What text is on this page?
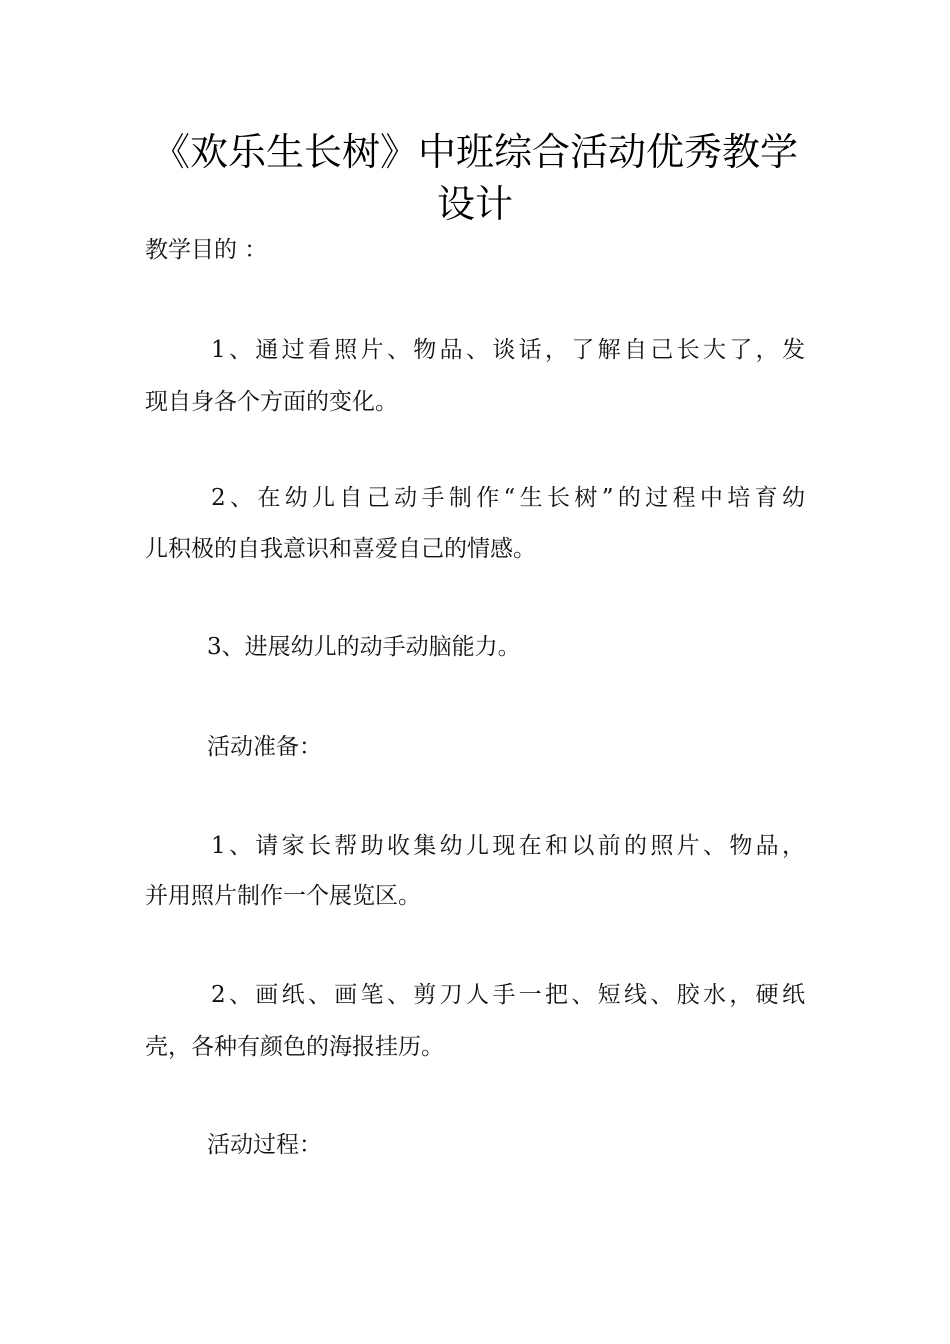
《欢乐生长树》中班综合活动优秀教学
设计
教学目的 ：
1、通过看照片、物品、谈话，了解自己长大了，发
现自身各个方面的变化。
2、在幼儿自己动手制作“生长树”的过程中培育幼
儿积极的自我意识和喜爱自己的情感。
3、进展幼儿的动手动脑能力。
活动准备：
1、请家长帮助收集幼儿现在和以前的照片、物品，
并用照片制作一个展览区。
2、画纸、画笔、剪刀人手一把、短线、胶水，硬纸
壳，各种有颜色的海报挂历。
活动过程：
